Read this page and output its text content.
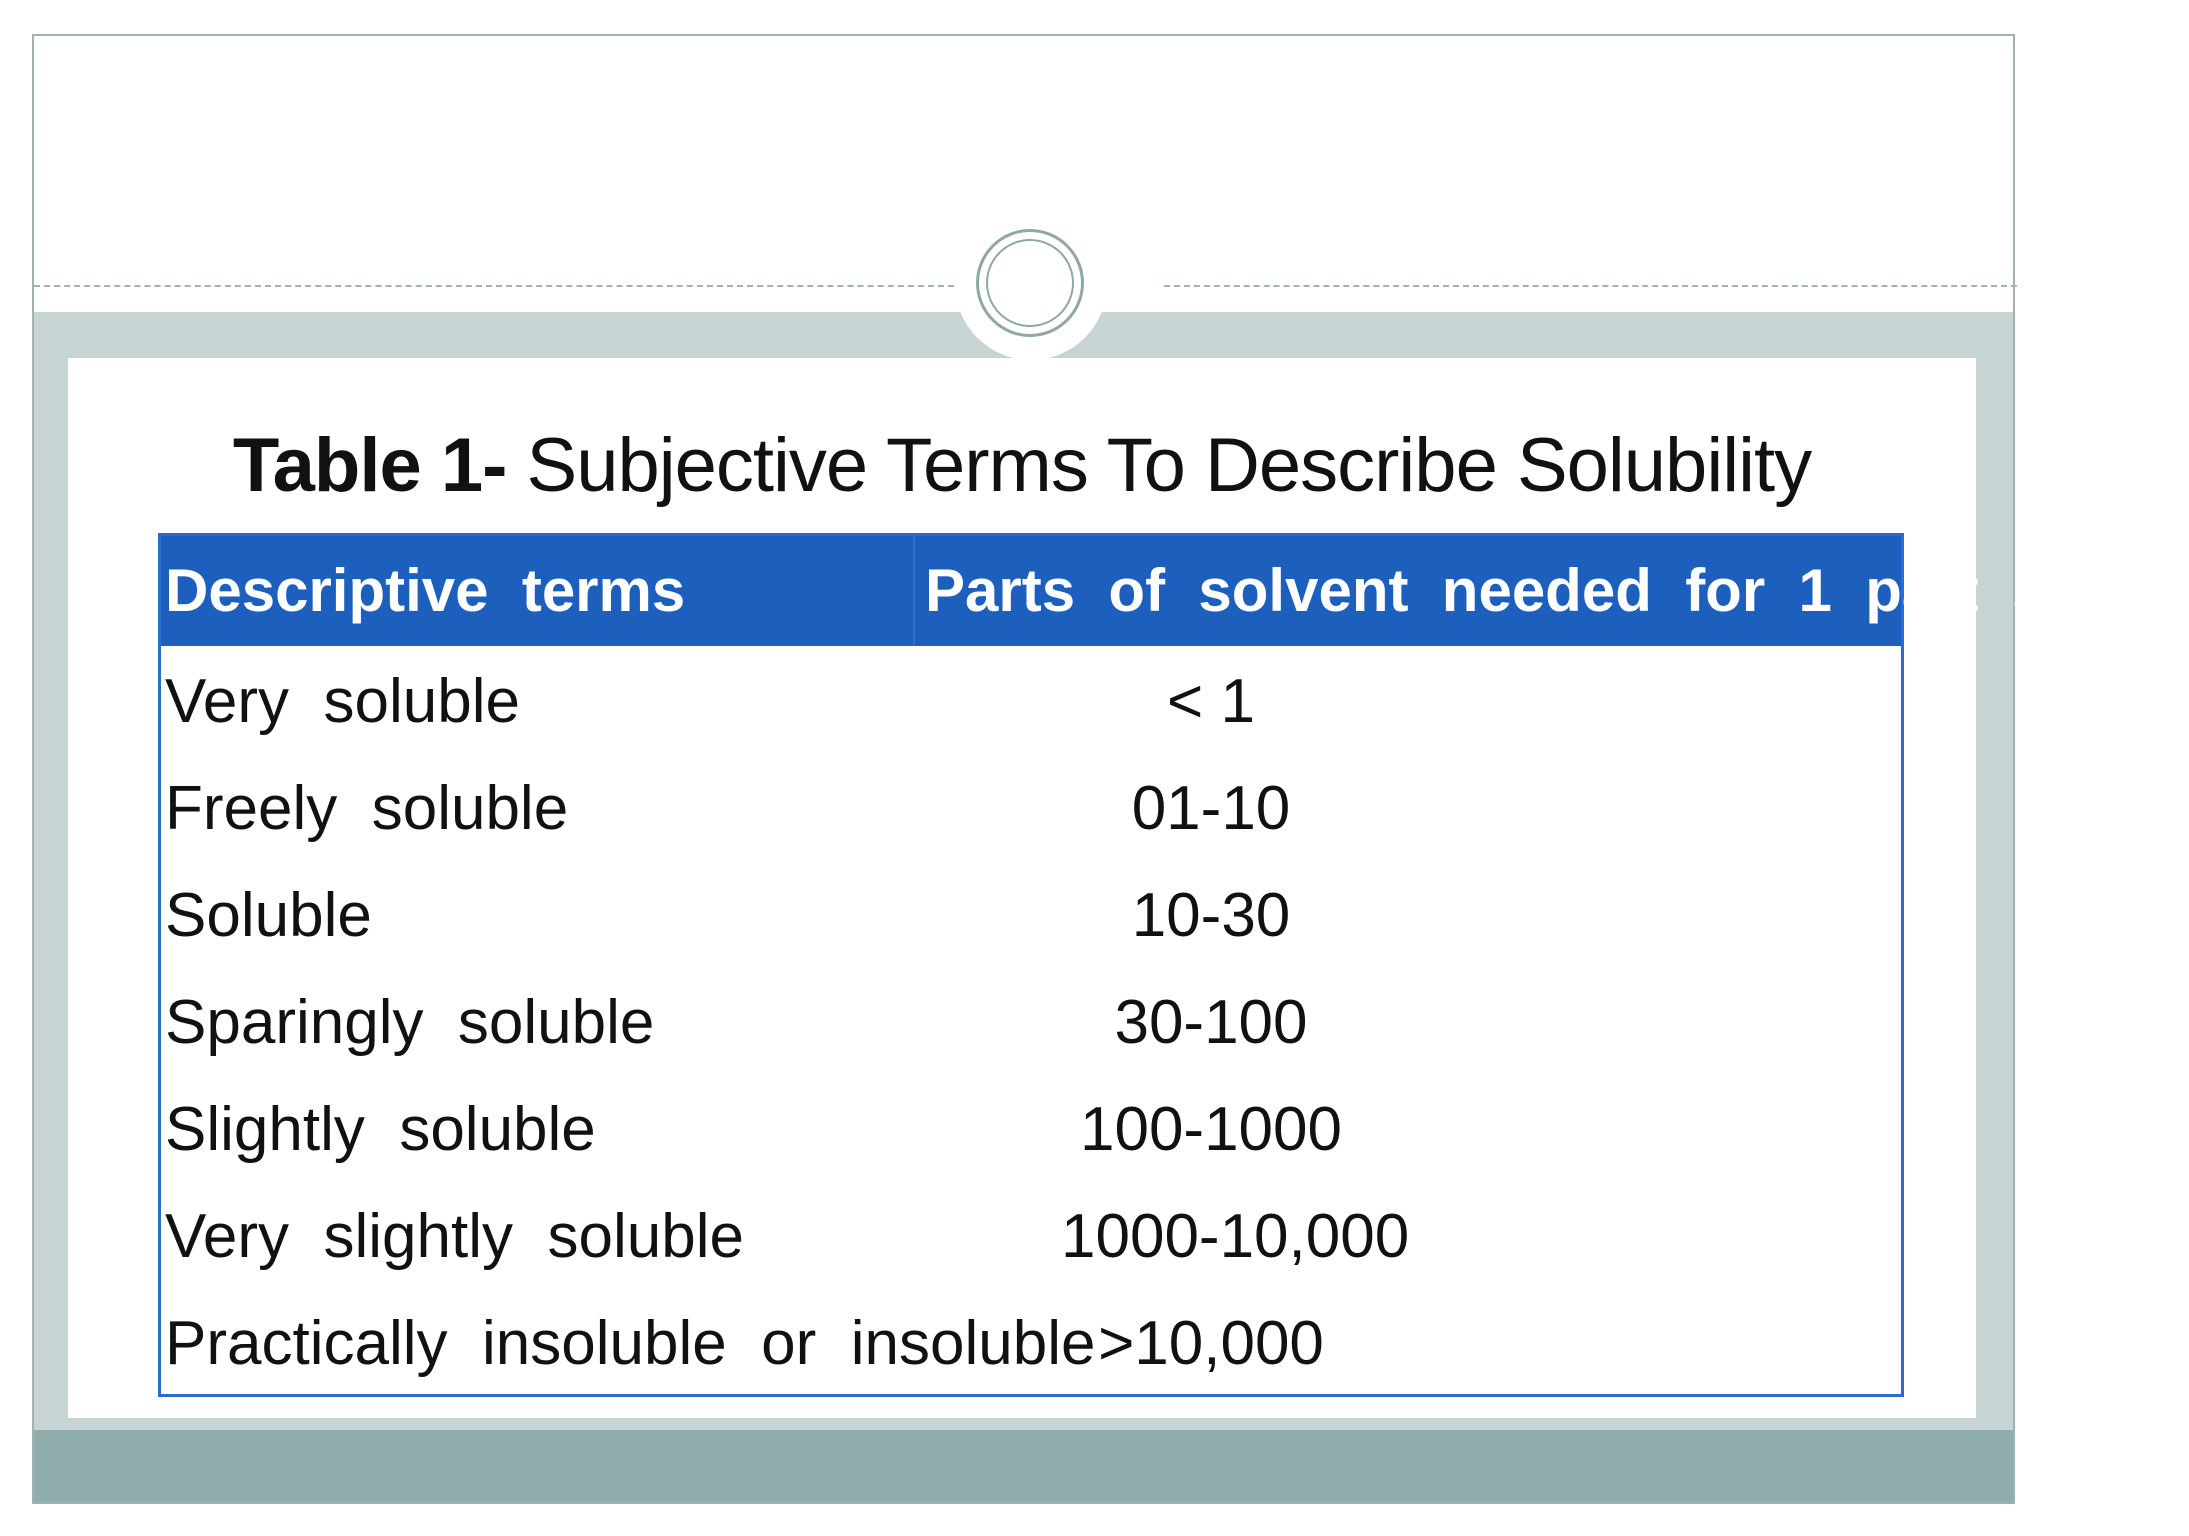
Table 1- Subjective Terms To Describe Solubility
Descriptive  terms	Parts  of  solvent  needed  for  1  part  solute
Very  soluble	< 1
Freely  soluble	01-10
Soluble	10-30
Sparingly  soluble	30-100
Slightly  soluble	100-1000
Very  slightly  soluble	1000-10,000
Practically  insoluble  or  insoluble >10,000
